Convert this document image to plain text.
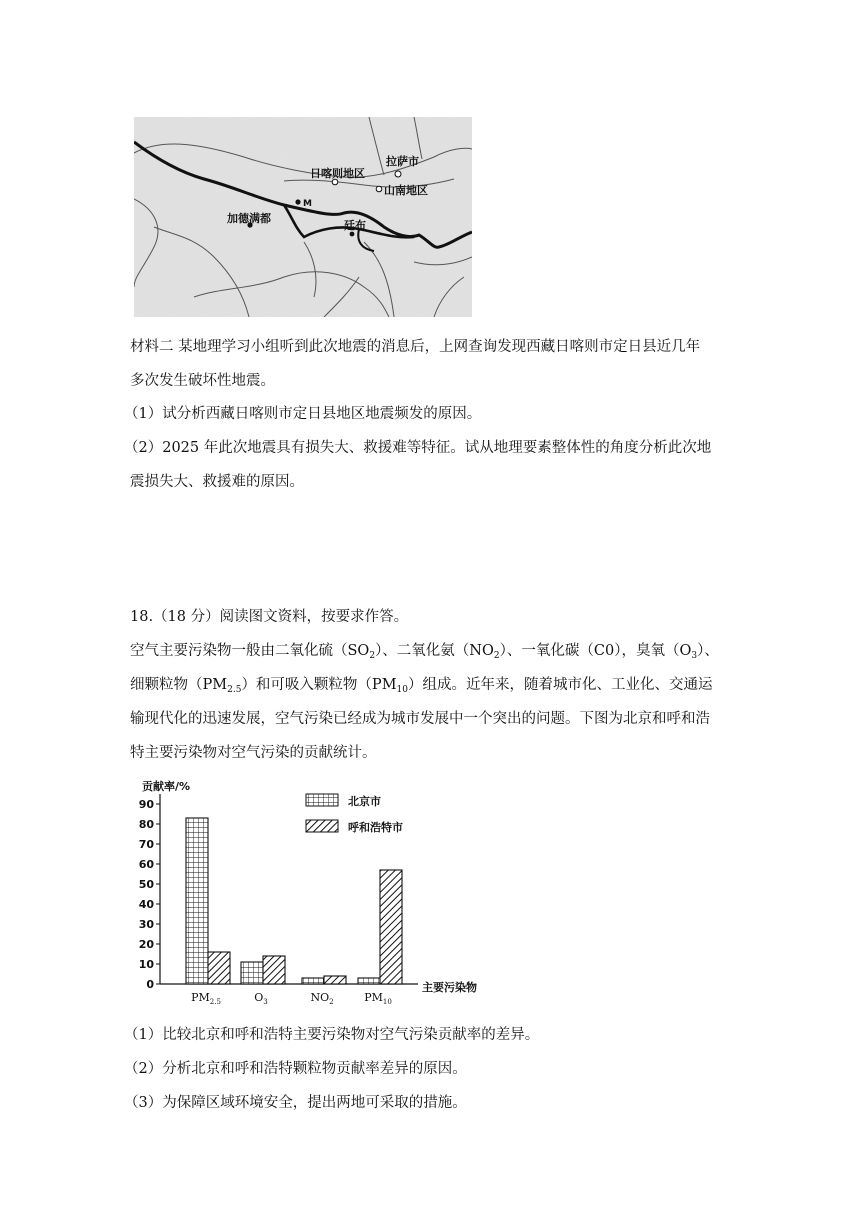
日喀则地区
拉萨市
山南地区
M
加德满都
廷布
材料二 某地理学习小组听到此次地震的消息后，上网查询发现西藏日喀则市定日县近几年
多次发生破坏性地震。
（1）试分析西藏日喀则市定日县地区地震频发的原因。
（2）2025 年此次地震具有损失大、救援难等特征。试从地理要素整体性的角度分析此次地
震损失大、救援难的原因。
18.（18 分）阅读图文资料，按要求作答。
空气主要污染物一般由二氧化硫$(SO_2)$、二氧化氨$(NO_2)$、一氧化碳（C0），臭氧$(O_3)$、
细颗粒物$(PM_{2.5})$和可吸入颗粒物$(PM_{10})$组成。近年来，随着城市化、工业化、交通运
输现代化的迅速发展，空气污染已经成为城市发展中一个突出的问题。下图为北京和呼和浩
特主要污染物对空气污染的贡献统计。
贡献率/%
0
10
20
30
40
50
60
70
80
90
$PM_{2.5}$	$O_3$	$NO_2$	$PM_{10}$
主要污染物
北京市
呼和浩特市
（1）比较北京和呼和浩特主要污染物对空气污染贡献率的差异。
（2）分析北京和呼和浩特颗粒物贡献率差异的原因。
（3）为保障区域环境安全，提出两地可采取的措施。
